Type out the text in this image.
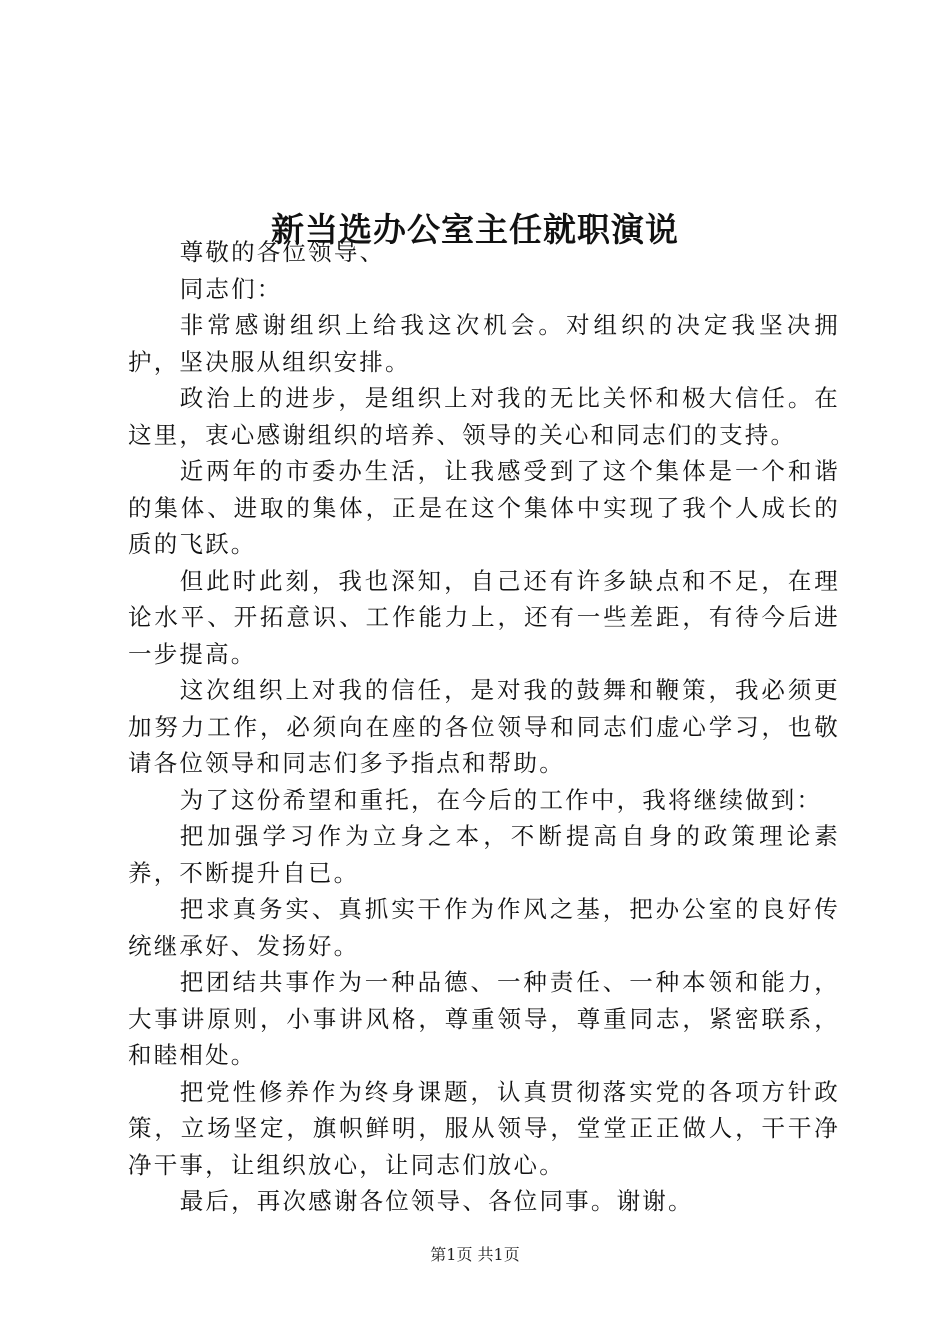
新当选办公室主任就职演说

尊敬的各位领导、

同志们：

非常感谢组织上给我这次机会。对组织的决定我坚决拥护，坚决服从组织安排。

政治上的进步，是组织上对我的无比关怀和极大信任。在这里，衷心感谢组织的培养、领导的关心和同志们的支持。

近两年的市委办生活，让我感受到了这个集体是一个和谐的集体、进取的集体，正是在这个集体中实现了我个人成长的质的飞跃。

但此时此刻，我也深知，自己还有许多缺点和不足，在理论水平、开拓意识、工作能力上，还有一些差距，有待今后进一步提高。

这次组织上对我的信任，是对我的鼓舞和鞭策，我必须更加努力工作，必须向在座的各位领导和同志们虚心学习，也敬请各位领导和同志们多予指点和帮助。

为了这份希望和重托，在今后的工作中，我将继续做到：

把加强学习作为立身之本，不断提高自身的政策理论素养，不断提升自已。

把求真务实、真抓实干作为作风之基，把办公室的良好传统继承好、发扬好。

把团结共事作为一种品德、一种责任、一种本领和能力，大事讲原则，小事讲风格，尊重领导，尊重同志，紧密联系，和睦相处。

把党性修养作为终身课题，认真贯彻落实党的各项方针政策，立场坚定，旗帜鲜明，服从领导，堂堂正正做人，干干净净干事，让组织放心，让同志们放心。

最后，再次感谢各位领导、各位同事。谢谢。

第1页 共1页
